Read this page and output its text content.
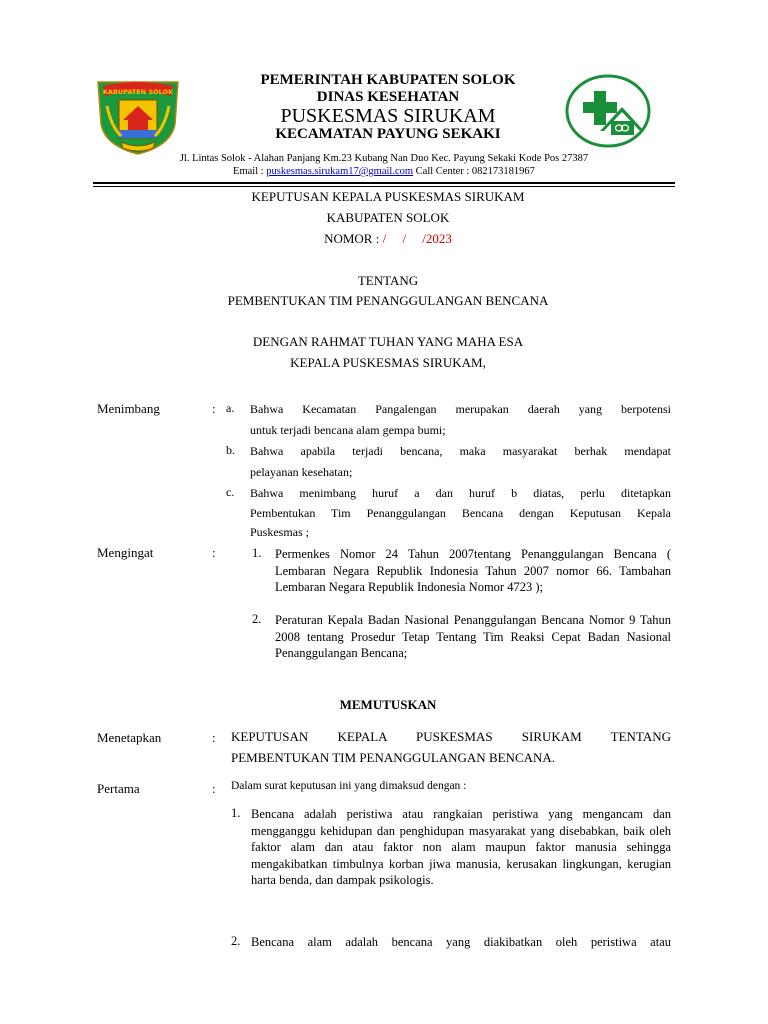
KABUPATEN SOLOK
PEMERINTAH KABUPATEN SOLOK
DINAS KESEHATAN
PUSKESMAS SIRUKAM
KECAMATAN PAYUNG SEKAKI
Jl. Lintas Solok - Alahan Panjang Km.23 Kubang Nan Duo Kec. Payung Sekaki Kode Pos 27387
Email : puskesmas.sirukam17@gmail.com Call Center : 082173181967
KEPUTUSAN KEPALA PUSKESMAS SIRUKAM
KABUPATEN SOLOK
NOMOR : /     /     /2023
TENTANG
PEMBENTUKAN TIM PENANGGULANGAN BENCANA
DENGAN RAHMAT TUHAN YANG MAHA ESA
KEPALA PUSKESMAS SIRUKAM,
Menimbang	: a. Bahwa Kecamatan Pangalengan merupakan daerah yang berpotensi
untuk terjadi bencana alam gempa bumi;
b. Bahwa apabila terjadi bencana, maka masyarakat berhak mendapat
pelayanan kesehatan;
c. Bahwa menimbang huruf a dan huruf b diatas, perlu ditetapkan
Pembentukan Tim Penanggulangan Bencana dengan Keputusan Kepala
Puskesmas ;
Mengingat	:	1. Permenkes Nomor 24 Tahun 2007tentang Penanggulangan Bencana ( Lembaran Negara Republik Indonesia Tahun 2007 nomor 66. Tambahan Lembaran Negara Republik Indonesia Nomor 4723 );
2. Peraturan Kepala Badan Nasional Penanggulangan Bencana Nomor 9 Tahun 2008 tentang Prosedur Tetap Tentang Tim Reaksi Cepat Badan Nasional Penanggulangan Bencana;
MEMUTUSKAN
Menetapkan	: KEPUTUSAN KEPALA PUSKESMAS SIRUKAM TENTANG
PEMBENTUKAN TIM PENANGGULANGAN BENCANA.
Pertama	: Dalam surat keputusan ini yang dimaksud dengan :
1. Bencana adalah peristiwa atau rangkaian peristiwa yang mengancam dan mengganggu kehidupan dan penghidupan masyarakat yang disebabkan, baik oleh faktor alam dan atau faktor non alam maupun faktor manusia sehingga mengakibatkan timbulnya korban jiwa manusia, kerusakan lingkungan, kerugian harta benda, dan dampak psikologis.
2. Bencana alam adalah bencana yang diakibatkan oleh peristiwa atau
